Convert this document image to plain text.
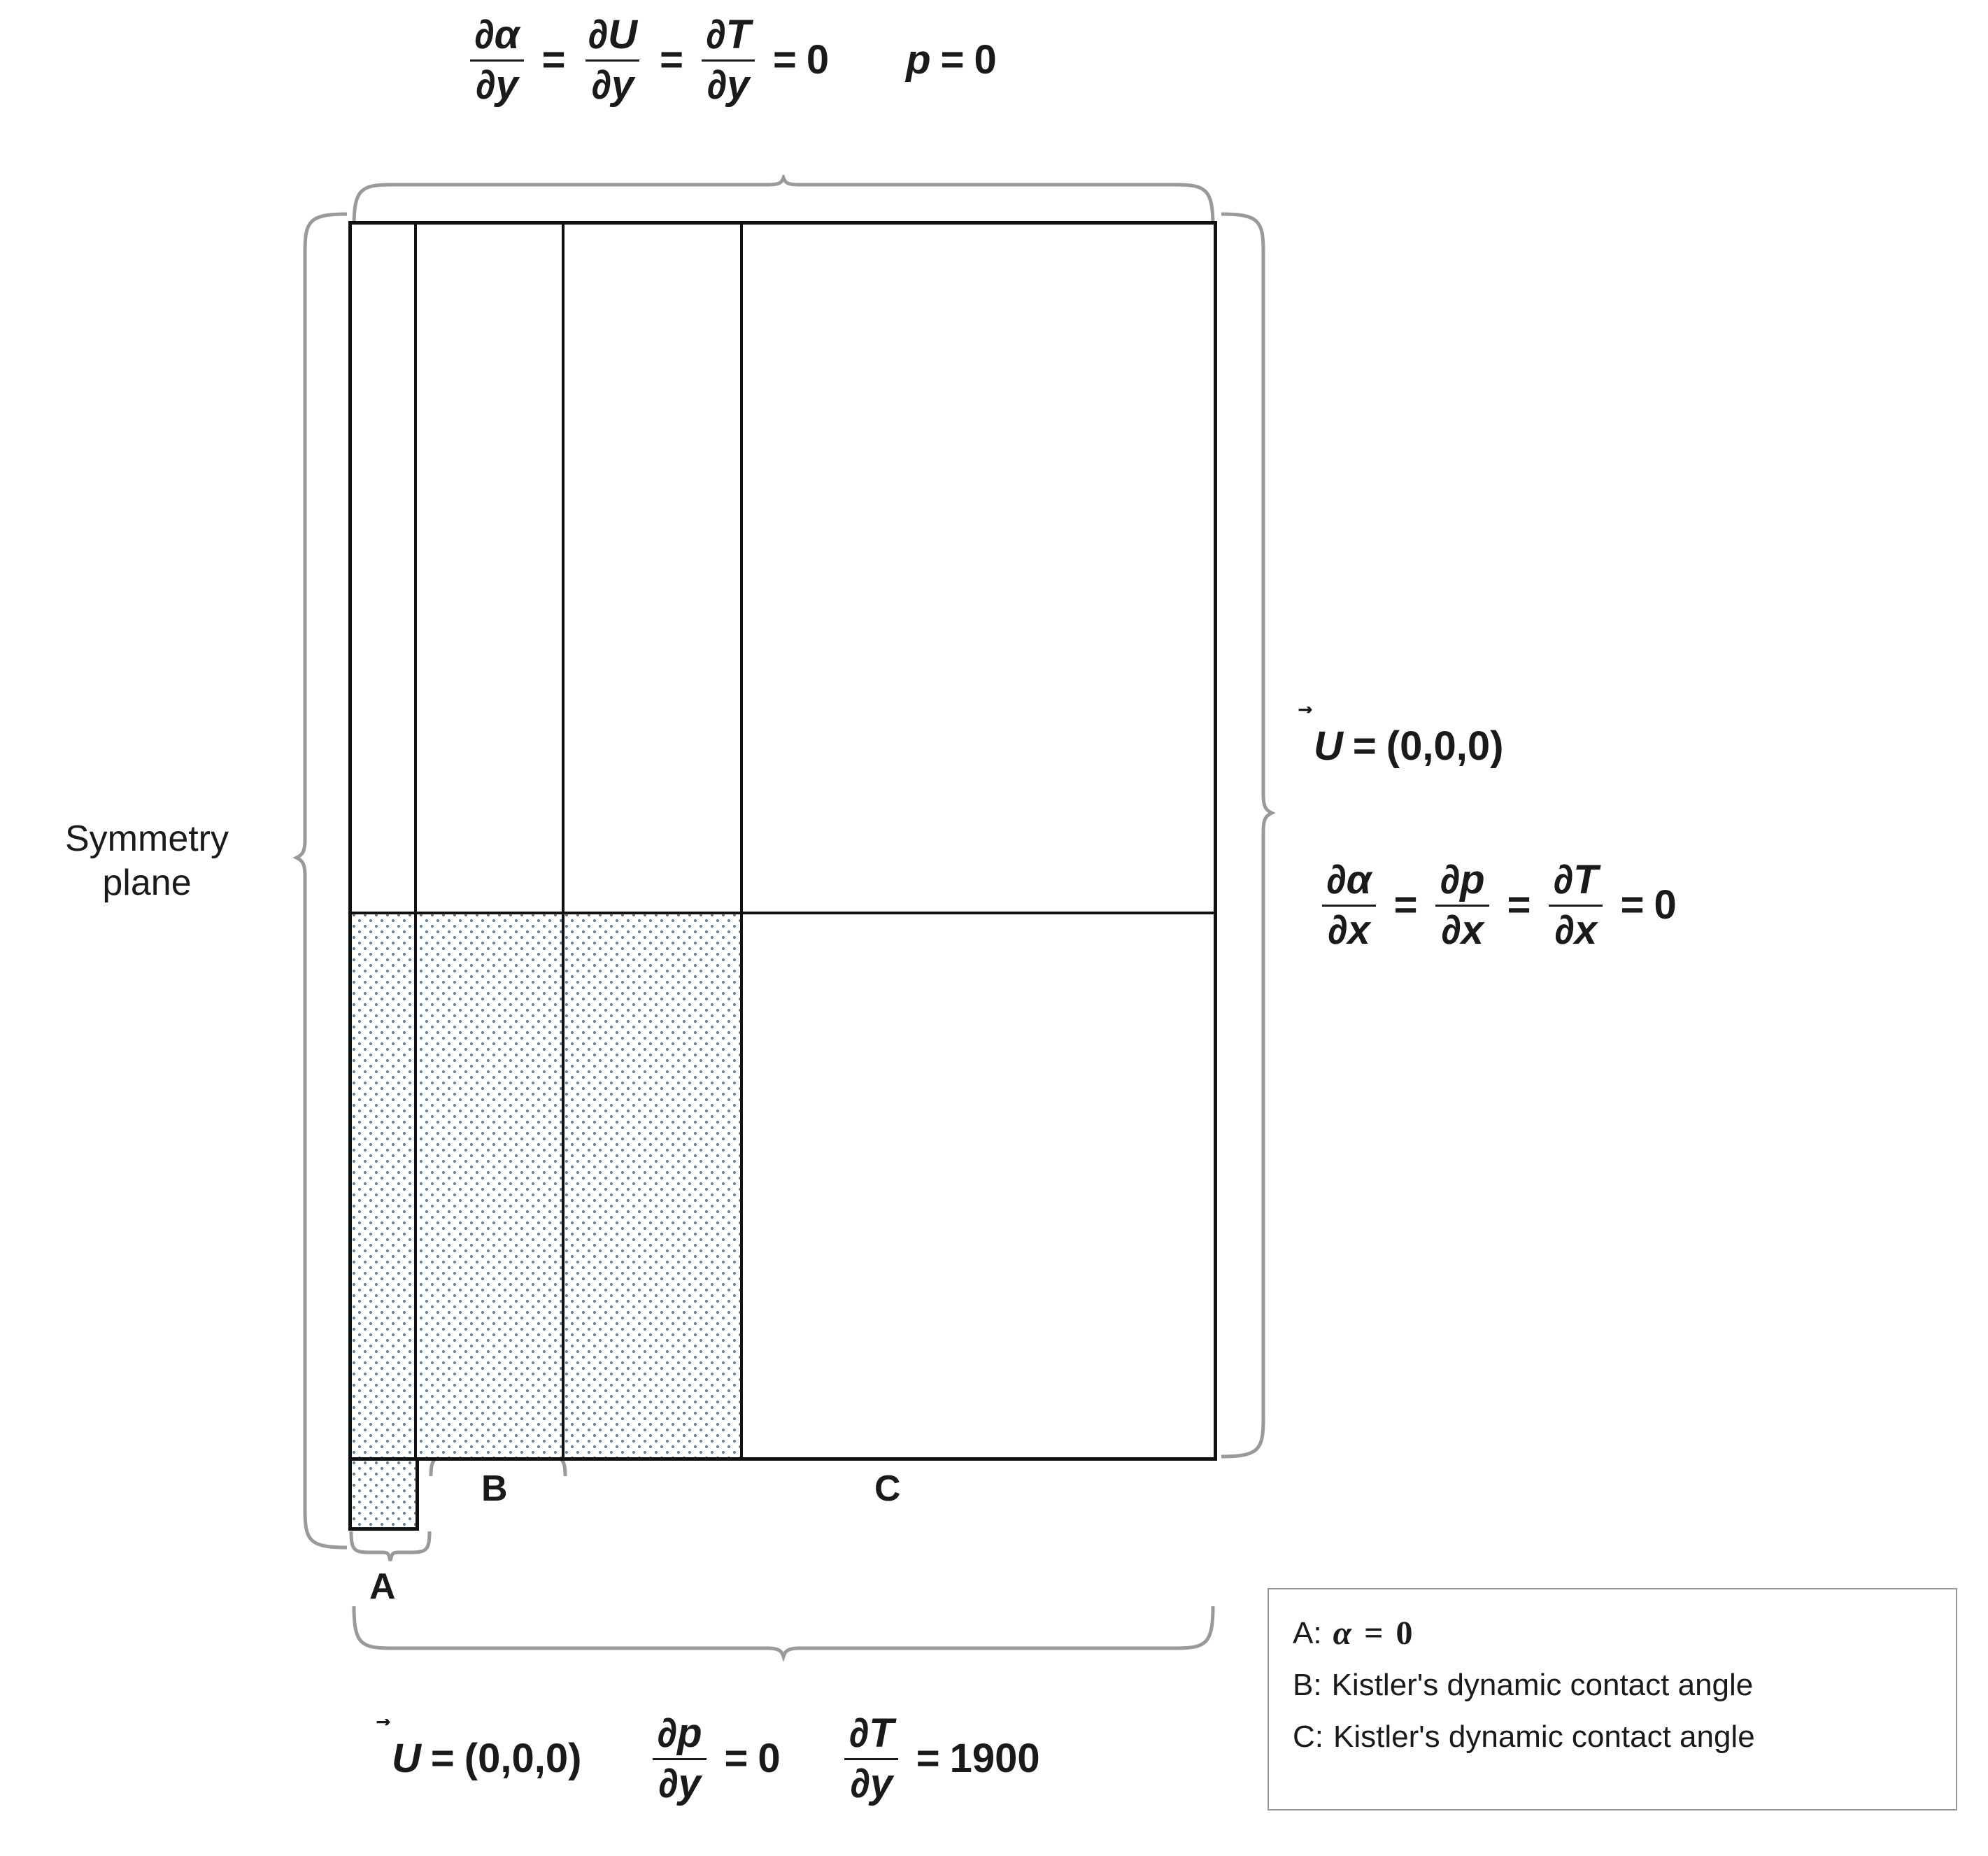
$\frac{\partial\alpha}{\partial y} = \frac{\partial U}{\partial y} = \frac{\partial T}{\partial y} = 0$ p = 0
A
B	C
Symmetry
plane
U = (0,0,0)
$\frac{\partial\alpha}{\partial x} = \frac{\partial p}{\partial x} = \frac{\partial T}{\partial x} = 0$
$U = (0,0,0) \frac{\partial p}{\partial y} = 0 \frac{\partial T}{\partial y} = 1900$
A: α = 0
B: Kistler's dynamic contact angle
C: Kistler's dynamic contact angle
